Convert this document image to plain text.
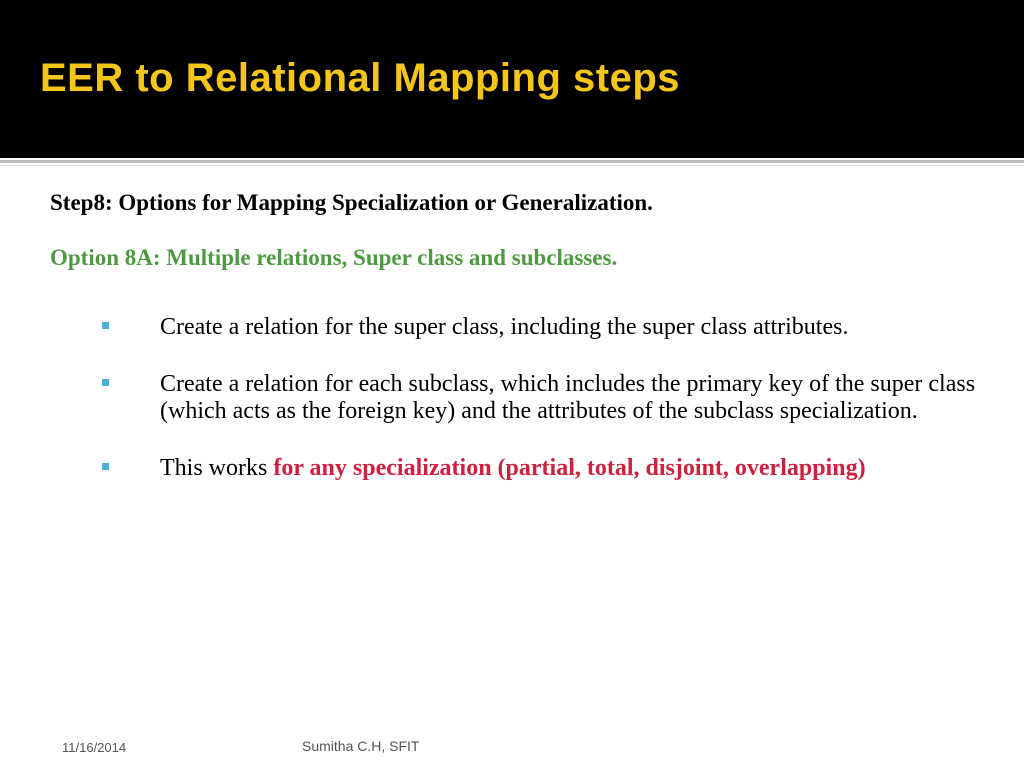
EER to Relational Mapping steps
Step8: Options for Mapping Specialization or Generalization.
Option 8A: Multiple relations, Super class and subclasses.
Create a relation for the super class, including the super class attributes.
Create a relation for each subclass, which includes the primary key of the super class (which acts as the foreign key) and the attributes of the subclass specialization.
This works for any specialization (partial, total, disjoint, overlapping)
11/16/2014	Sumitha C.H, SFIT
